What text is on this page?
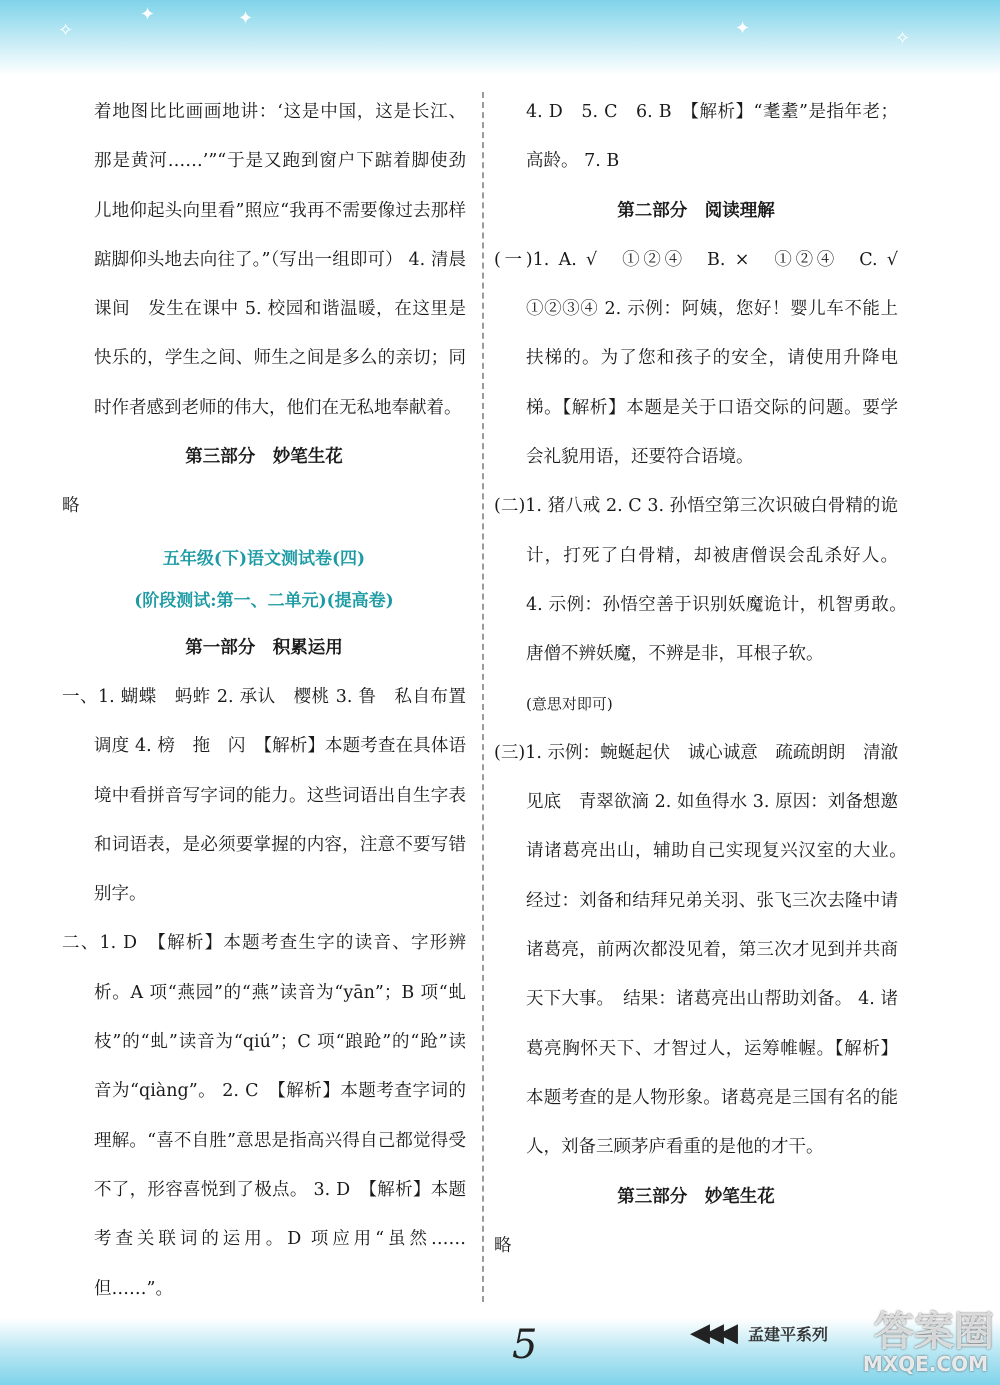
✦	✦
✧	✦	✧

着地图比比画画地讲：‘这是中国，这是长江、那是黄河……’”“于是又跑到窗户下踮着脚使劲儿地仰起头向里看”照应“我再不需要像过去那样踮脚仰头地去向往了。”（写出一组即可） 4. 清晨　课间　发生在课中 5. 校园和谐温暖，在这里是快乐的，学生之间、师生之间是多么的亲切；同时作者感到老师的伟大，他们在无私地奉献着。

第三部分　妙笔生花

略

五年级(下)语文测试卷(四)

(阶段测试:第一、二单元)(提高卷)

第一部分　积累运用

一、1. 蝴蝶　蚂蚱 2. 承认　樱桃 3. 鲁　私自布置　调度 4. 榜　拖　闪　【解析】本题考查在具体语境中看拼音写字词的能力。这些词语出自生字表和词语表，是必须要掌握的内容，注意不要写错别字。

二、1. D　【解析】本题考查生字的读音、字形辨析。A 项“燕园”的“燕”读音为“yān”；B 项“虬枝”的“虬”读音为“qiú”；C 项“踉跄”的“跄”读音为“qiàng”。 2. C　【解析】本题考查字词的理解。“喜不自胜”意思是指高兴得自己都觉得受不了，形容喜悦到了极点。 3. D　【解析】本题考查关联词的运用。D 项应用“虽然……但……”。

4. D　5. C　6. B　【解析】“耄耋”是指年老；高龄。 7. B

第二部分　阅读理解

(一)1. A. √　①②④　B. ×　①②④　C. √　①②③④ 2. 示例：阿姨，您好！婴儿车不能上扶梯的。为了您和孩子的安全，请使用升降电梯。【解析】本题是关于口语交际的问题。要学会礼貌用语，还要符合语境。

(二)1. 猪八戒 2. C 3. 孙悟空第三次识破白骨精的诡计，打死了白骨精，却被唐僧误会乱杀好人。 4. 示例：孙悟空善于识别妖魔诡计，机智勇敢。　唐僧不辨妖魔，不辨是非，耳根子软。

(意思对即可)

(三)1. 示例：蜿蜒起伏　诚心诚意　疏疏朗朗　清澈见底　青翠欲滴 2. 如鱼得水 3. 原因：刘备想邀请诸葛亮出山，辅助自己实现复兴汉室的大业。　经过：刘备和结拜兄弟关羽、张飞三次去隆中请诸葛亮，前两次都没见着，第三次才见到并共商天下大事。　结果：诸葛亮出山帮助刘备。 4. 诸葛亮胸怀天下、才智过人，运筹帷幄。【解析】本题考查的是人物形象。诸葛亮是三国有名的能人，刘备三顾茅庐看重的是他的才干。

第三部分　妙笔生花

略

5	◀◀◀ 孟建平系列 答案圈
MXQE.COM
